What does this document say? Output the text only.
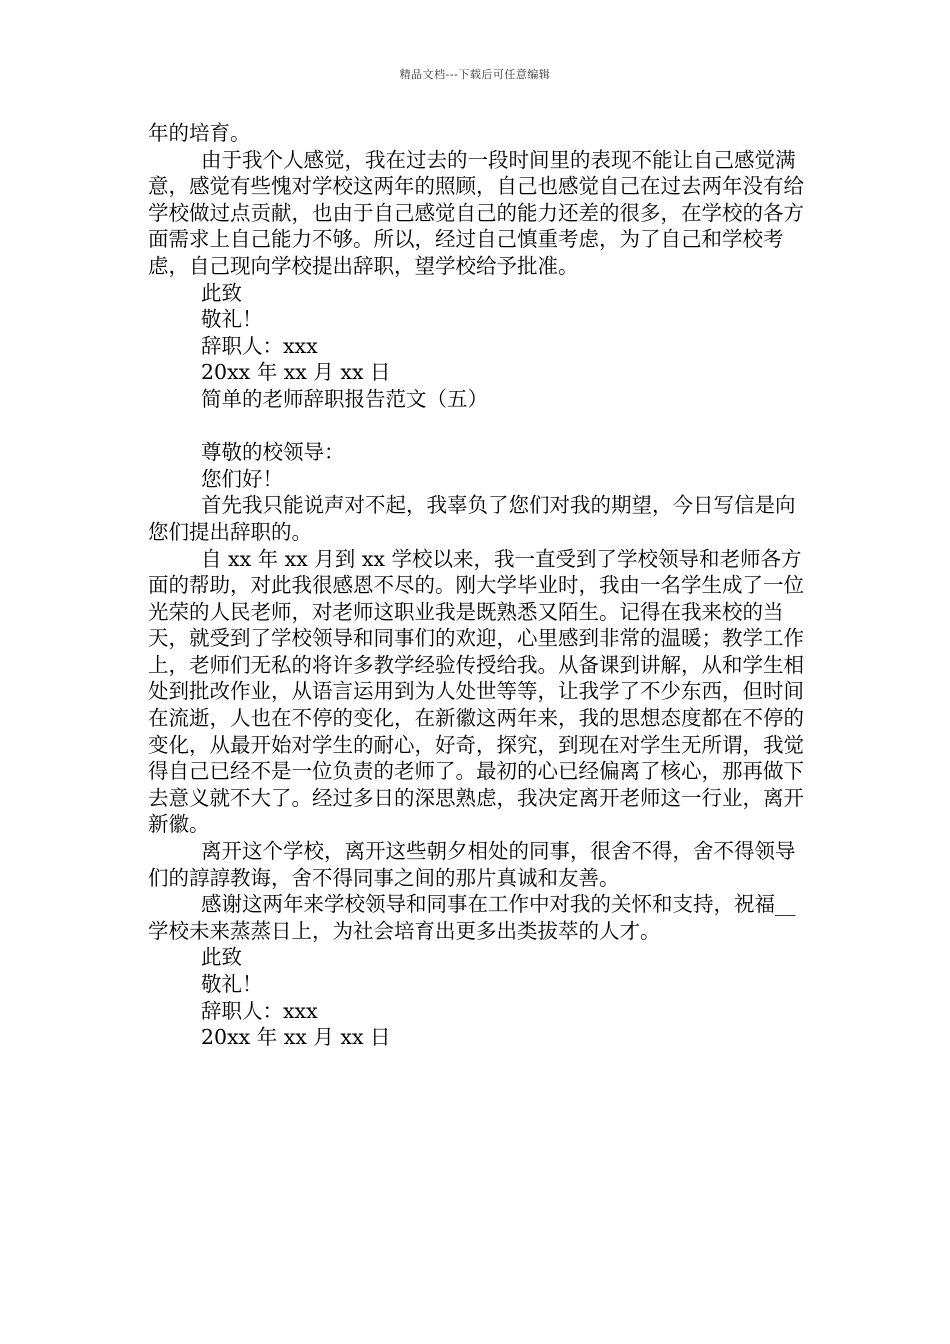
精品文档---下载后可任意编辑

年的培育。

由于我个人感觉，我在过去的一段时间里的表现不能让自己感觉满意，感觉有些愧对学校这两年的照顾，自己也感觉自己在过去两年没有给学校做过点贡献，也由于自己感觉自己的能力还差的很多，在学校的各方面需求上自己能力不够。所以，经过自己慎重考虑，为了自己和学校考虑，自己现向学校提出辞职，望学校给予批准。

此致

敬礼！

辞职人：xxx

20xx 年 xx 月 xx 日

简单的老师辞职报告范文（五）

尊敬的校领导：

您们好！

首先我只能说声对不起，我辜负了您们对我的期望，今日写信是向您们提出辞职的。

自 xx 年 xx 月到 xx 学校以来，我一直受到了学校领导和老师各方面的帮助，对此我很感恩不尽的。刚大学毕业时，我由一名学生成了一位光荣的人民老师，对老师这职业我是既熟悉又陌生。记得在我来校的当天，就受到了学校领导和同事们的欢迎，心里感到非常的温暖；教学工作上，老师们无私的将许多教学经验传授给我。从备课到讲解，从和学生相处到批改作业，从语言运用到为人处世等等，让我学了不少东西，但时间在流逝，人也在不停的变化，在新徽这两年来，我的思想态度都在不停的变化，从最开始对学生的耐心，好奇，探究，到现在对学生无所谓，我觉得自己已经不是一位负责的老师了。最初的心已经偏离了核心，那再做下去意义就不大了。经过多日的深思熟虑，我决定离开老师这一行业，离开新徽。

离开这个学校，离开这些朝夕相处的同事，很舍不得，舍不得领导们的諄諄教诲，舍不得同事之间的那片真诚和友善。

感谢这两年来学校领导和同事在工作中对我的关怀和支持，祝福__学校未来蒸蒸日上，为社会培育出更多出类拔萃的人才。

此致

敬礼！

辞职人：xxx

20xx 年 xx 月 xx 日
